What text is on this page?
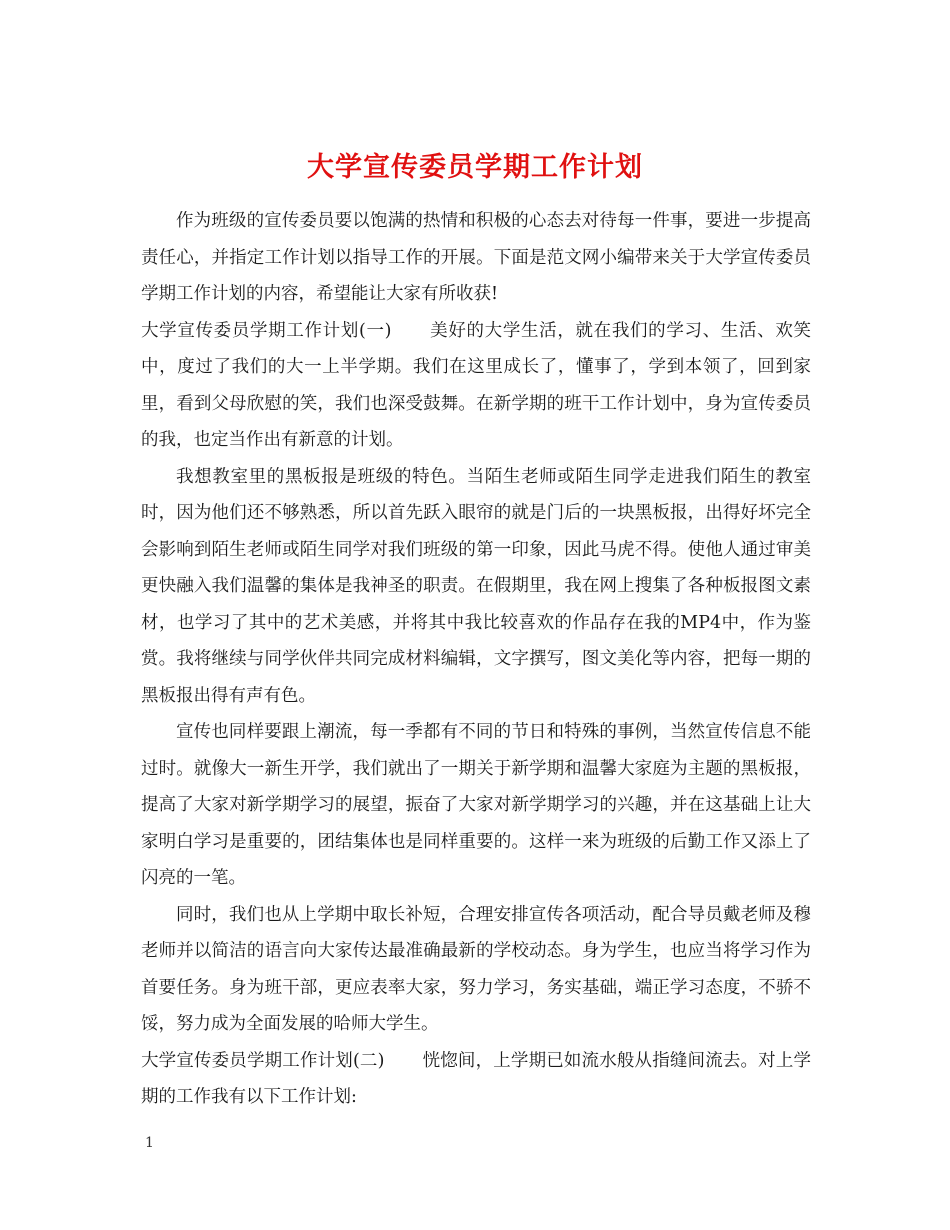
大学宣传委员学期工作计划

作为班级的宣传委员要以饱满的热情和积极的心态去对待每一件事，要进一步提高责任心，并指定工作计划以指导工作的开展。下面是范文网小编带来关于大学宣传委员学期工作计划的内容，希望能让大家有所收获!

大学宣传委员学期工作计划(一) 美好的大学生活，就在我们的学习、生活、欢笑中，度过了我们的大一上半学期。我们在这里成长了，懂事了，学到本领了，回到家里，看到父母欣慰的笑，我们也深受鼓舞。在新学期的班干工作计划中，身为宣传委员的我，也定当作出有新意的计划。

我想教室里的黑板报是班级的特色。当陌生老师或陌生同学走进我们陌生的教室时，因为他们还不够熟悉，所以首先跃入眼帘的就是门后的一块黑板报，出得好坏完全会影响到陌生老师或陌生同学对我们班级的第一印象，因此马虎不得。使他人通过审美更快融入我们温馨的集体是我神圣的职责。在假期里，我在网上搜集了各种板报图文素材，也学习了其中的艺术美感，并将其中我比较喜欢的作品存在我的MP4中，作为鉴赏。我将继续与同学伙伴共同完成材料编辑，文字撰写，图文美化等内容，把每一期的黑板报出得有声有色。

宣传也同样要跟上潮流，每一季都有不同的节日和特殊的事例，当然宣传信息不能过时。就像大一新生开学，我们就出了一期关于新学期和温馨大家庭为主题的黑板报，提高了大家对新学期学习的展望，振奋了大家对新学期学习的兴趣，并在这基础上让大家明白学习是重要的，团结集体也是同样重要的。这样一来为班级的后勤工作又添上了闪亮的一笔。

同时，我们也从上学期中取长补短，合理安排宣传各项活动，配合导员戴老师及穆老师并以简洁的语言向大家传达最准确最新的学校动态。身为学生，也应当将学习作为首要任务。身为班干部，更应表率大家，努力学习，务实基础，端正学习态度，不骄不馁，努力成为全面发展的哈师大学生。

大学宣传委员学期工作计划(二) 恍惚间，上学期已如流水般从指缝间流去。对上学期的工作我有以下工作计划:

1
